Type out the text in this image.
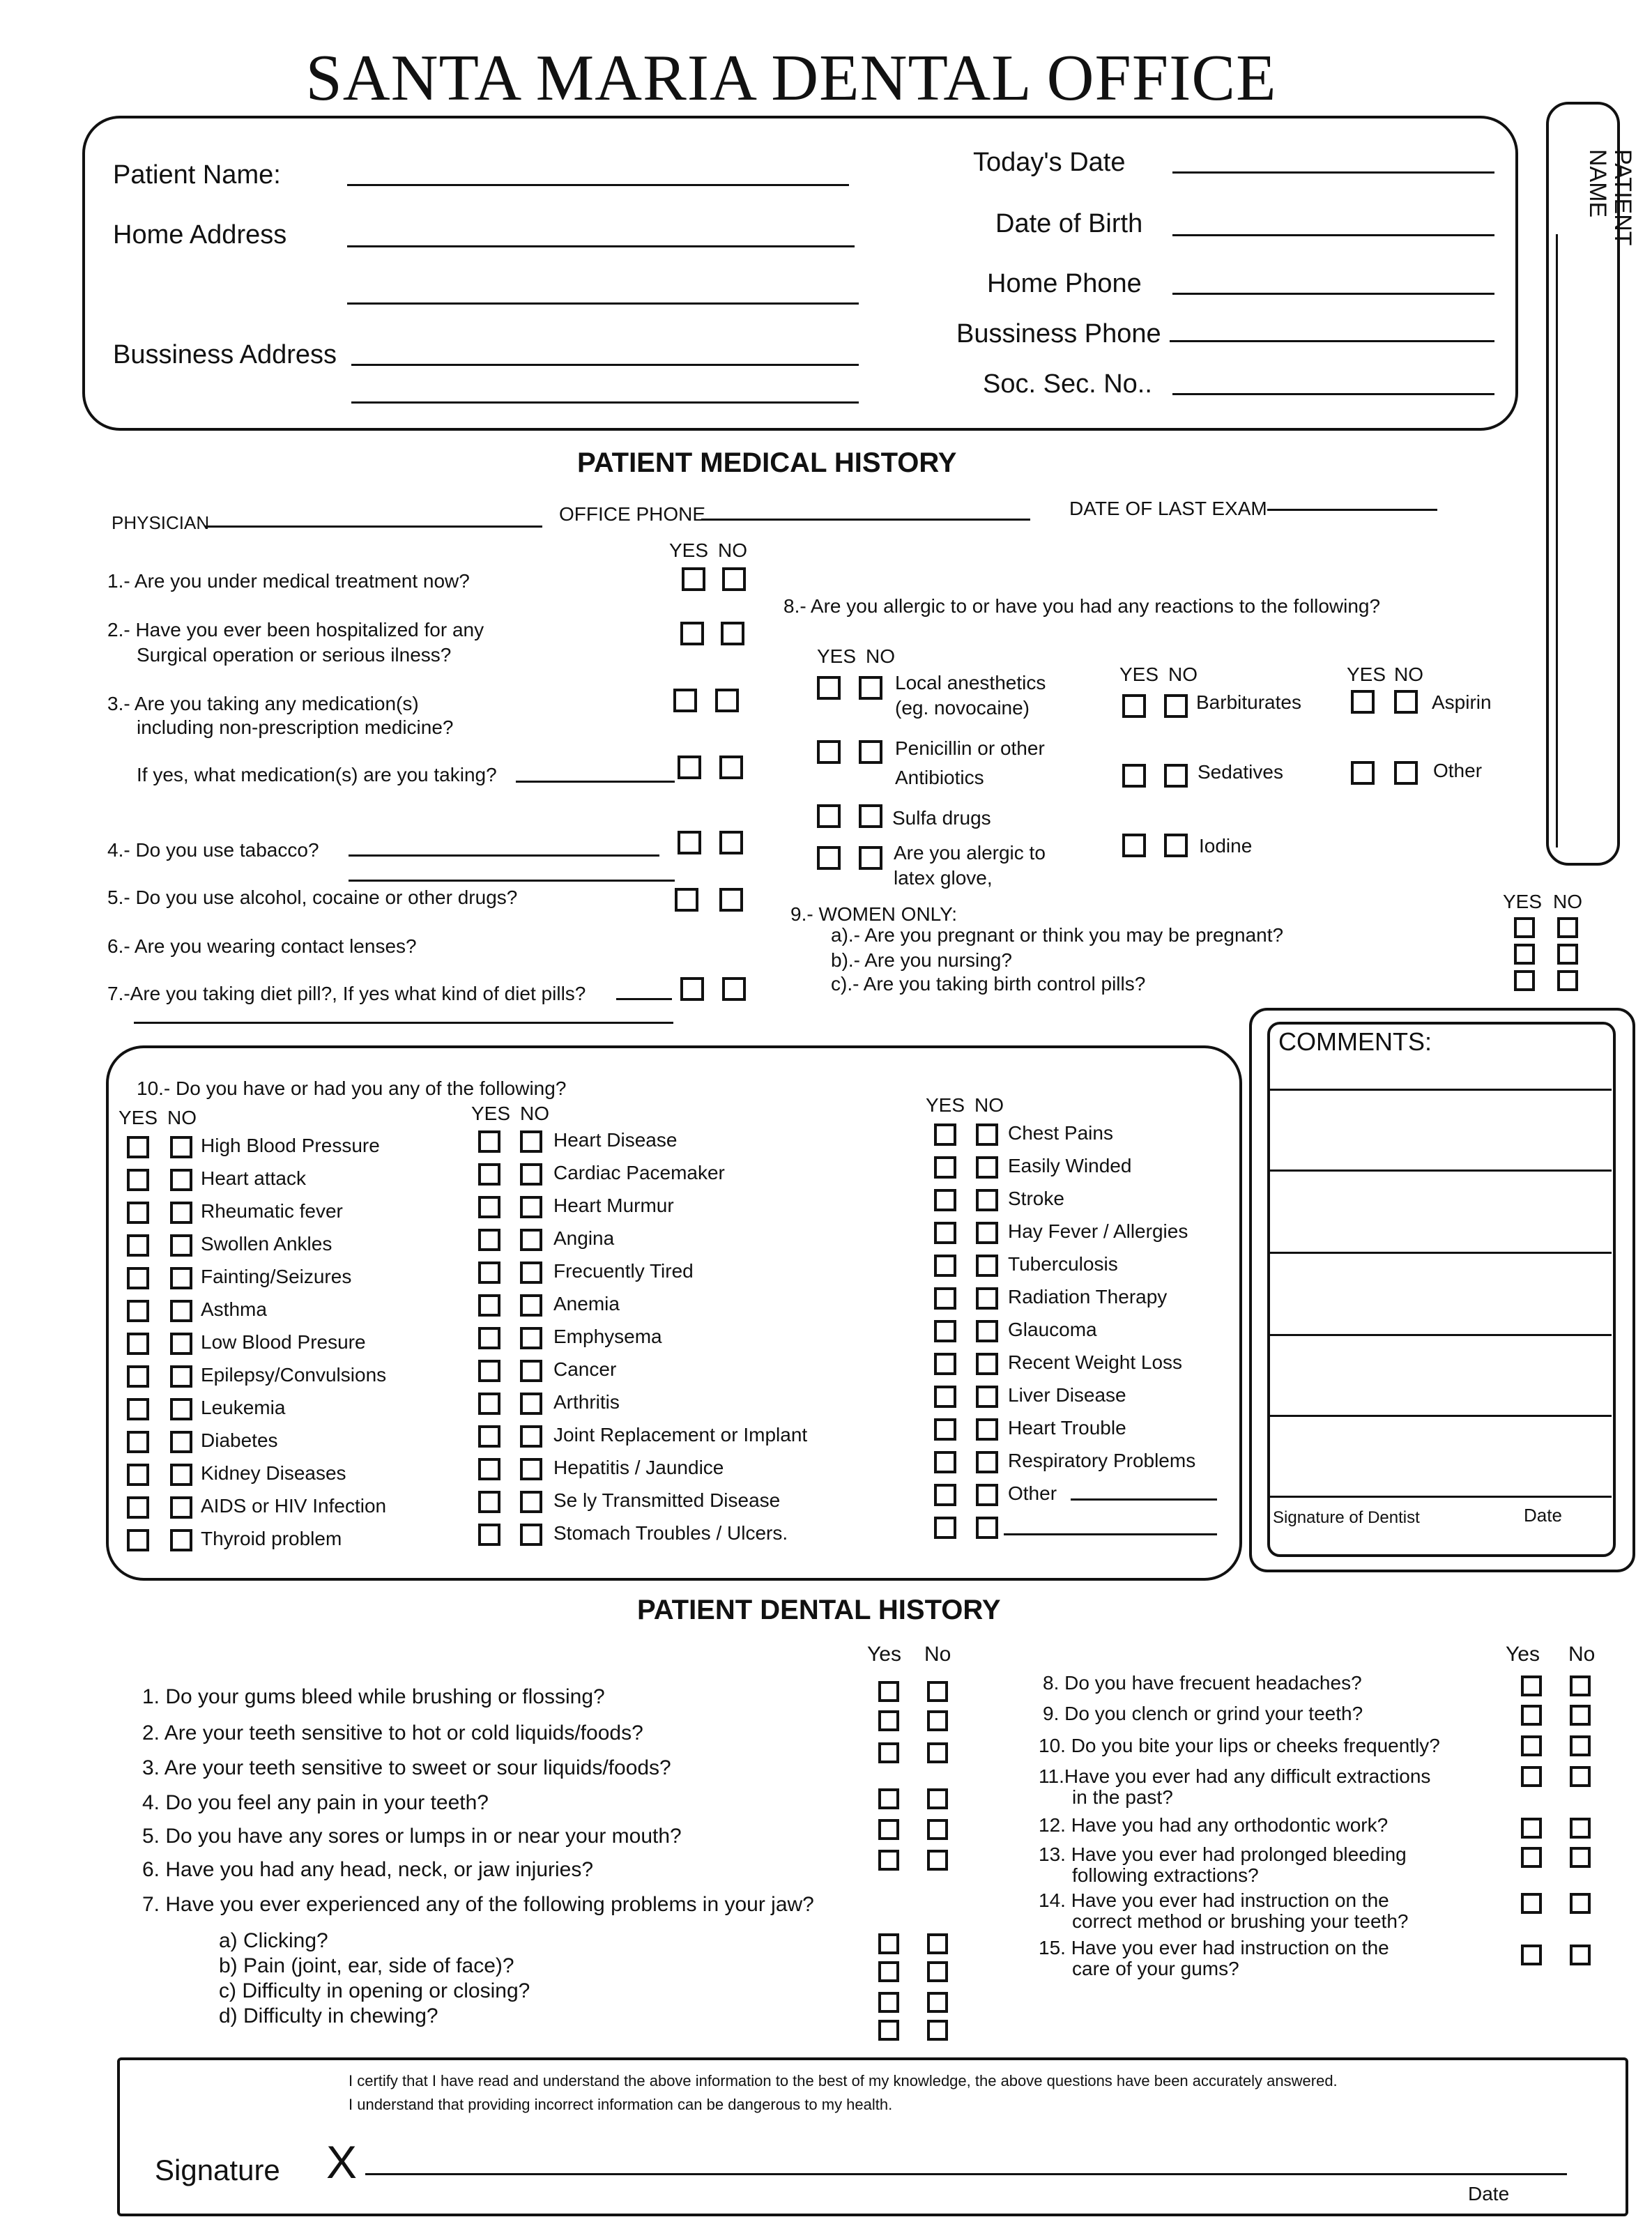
SANTA MARIA DENTAL OFFICE
PATIENT
NAME
Patient Name:
Home Address
Bussiness Address
Today's Date
Date of Birth
Home Phone
Bussiness Phone
Soc. Sec. No..
PATIENT MEDICAL HISTORY
PHYSICIAN	OFFICE PHONE	DATE OF LAST EXAM
YES NO
1.- Are you under medical treatment now?
2.- Have you ever been hospitalized for any
Surgical operation or serious ilness?
3.- Are you taking any medication(s)
including non-prescription medicine?
If yes, what medication(s) are you taking?
4.- Do you use tabacco?
5.- Do you use alcohol, cocaine or other drugs?
6.- Are you wearing contact lenses?
7.-Are you taking diet pill?, If yes what kind of diet pills?
8.- Are you allergic to or have you had any reactions to the following?
YES NO
Local anesthetics
(eg. novocaine)
Penicillin or other
Antibiotics
Sulfa drugs
Are you alergic to
latex glove,
YES NO
Barbiturates
Sedatives
Iodine
YES NO
Aspirin
Other
9.- WOMEN ONLY:
a).- Are you pregnant or think you may be pregnant?
b).- Are you nursing?
c).- Are you taking birth control pills?
YES NO
10.- Do you have or had you any of the following?
YES NO	YES NO	YES NO
High Blood Pressure
Heart attack
Rheumatic fever
Swollen Ankles
Fainting/Seizures
Asthma
Low Blood Presure
Epilepsy/Convulsions
Leukemia
Diabetes
Kidney Diseases
AIDS or HIV Infection
Thyroid problem
Heart Disease
Cardiac Pacemaker
Heart Murmur
Angina
Frecuently Tired
Anemia
Emphysema
Cancer
Arthritis
Joint Replacement or Implant
Hepatitis / Jaundice
Se ly Transmitted Disease
Stomach Troubles / Ulcers.
Chest Pains
Easily Winded
Stroke
Hay Fever / Allergies
Tuberculosis
Radiation Therapy
Glaucoma
Recent Weight Loss
Liver Disease
Heart Trouble
Respiratory Problems
Other
COMMENTS:
Signature of Dentist	Date
PATIENT DENTAL HISTORY
Yes No	Yes No
1. Do your gums bleed while brushing or flossing?
2. Are your teeth sensitive to hot or cold liquids/foods?
3. Are your teeth sensitive to sweet or sour liquids/foods?
4. Do you feel any pain in your teeth?
5. Do you have any sores or lumps in or near your mouth?
6. Have you had any head, neck, or jaw injuries?
7. Have you ever experienced any of the following problems in your jaw?
a) Clicking?
b) Pain (joint, ear, side of face)?
c) Difficulty in opening or closing?
d) Difficulty in chewing?
8. Do you have frecuent headaches?
9. Do you clench or grind your teeth?
10. Do you bite your lips or cheeks frequently?
11.Have you ever had any difficult extractions
in the past?
12. Have you had any orthodontic work?
13. Have you ever had prolonged bleeding
following extractions?
14. Have you ever had instruction on the
correct method or brushing your teeth?
15. Have you ever had instruction on the
care of your gums?
I certify that I have read and understand the above information to the best of my knowledge, the above questions have been accurately answered.
I understand that providing incorrect information can be dangerous to my health.
Signature X
Date
